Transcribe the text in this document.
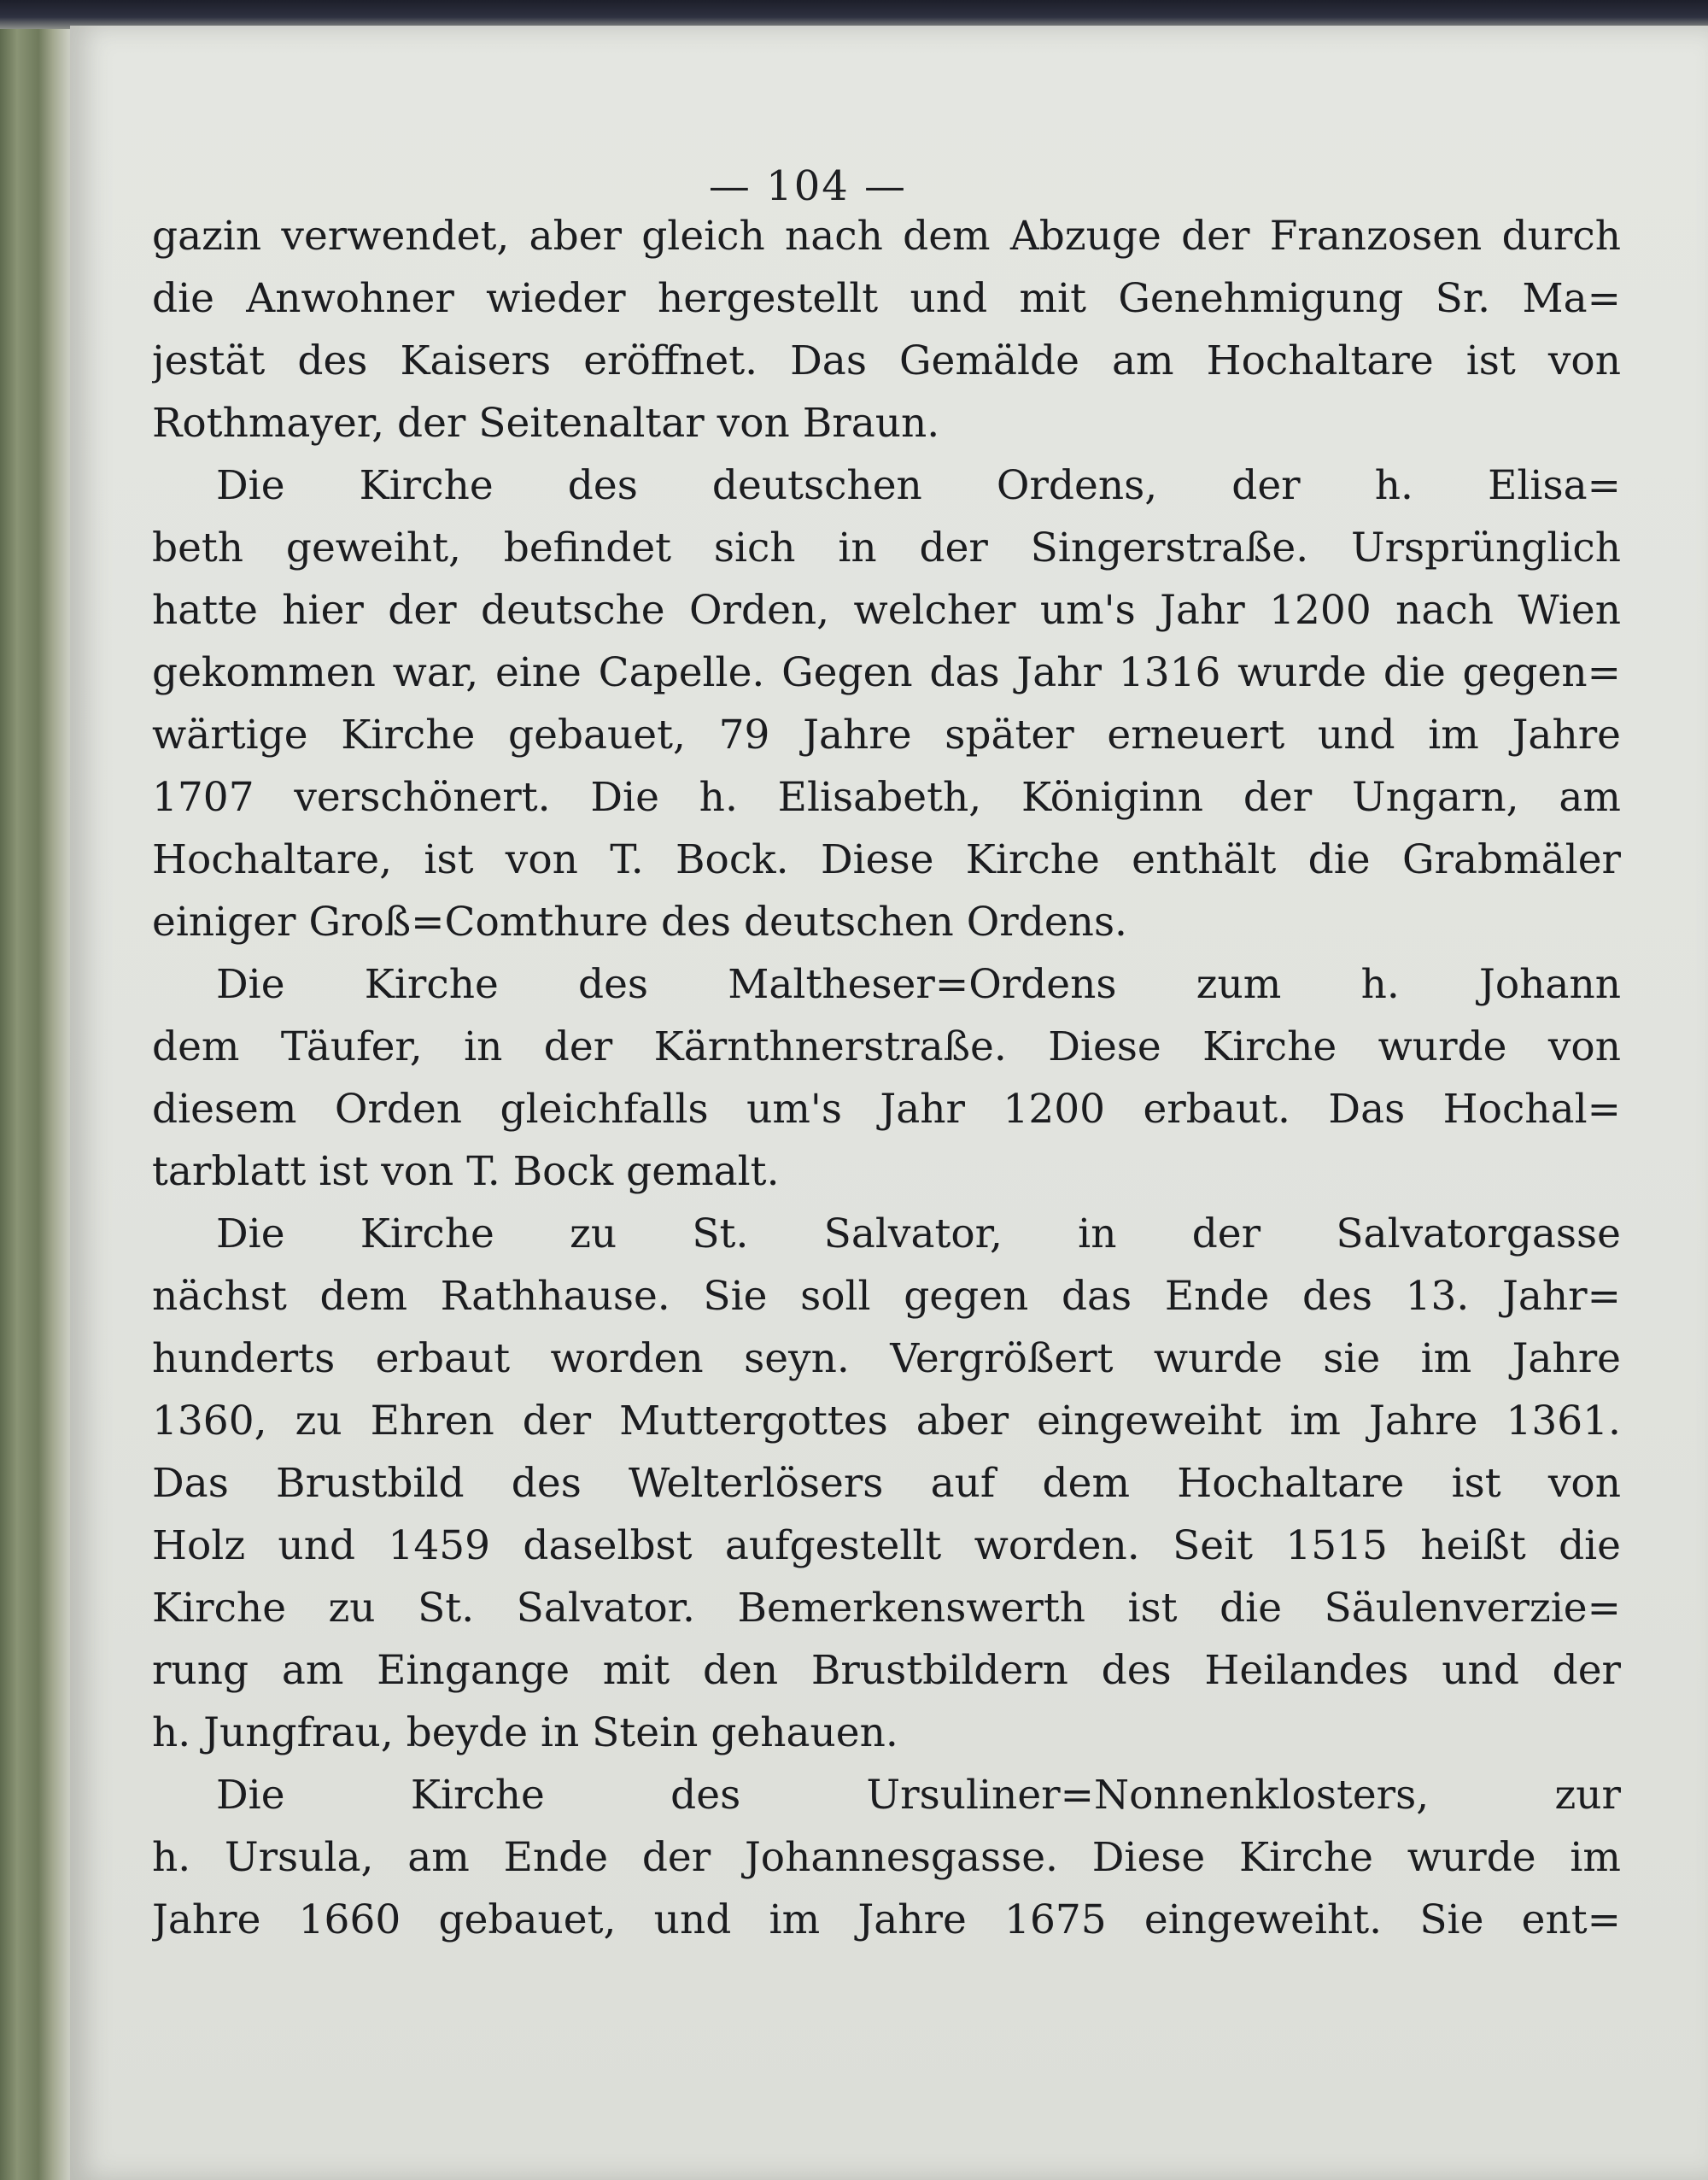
— 104 —
gazin verwendet, aber gleich nach dem Abzuge der Franzosen durch
die Anwohner wieder hergestellt und mit Genehmigung Sr. Ma=
jestät des Kaisers eröffnet. Das Gemälde am Hochaltare ist von
Rothmayer, der Seitenaltar von Braun.
Die Kirche des deutschen Ordens, der h. Elisa=
beth geweiht, befindet sich in der Singerstraße. Ursprünglich
hatte hier der deutsche Orden, welcher um's Jahr 1200 nach Wien
gekommen war, eine Capelle. Gegen das Jahr 1316 wurde die gegen=
wärtige Kirche gebauet, 79 Jahre später erneuert und im Jahre
1707 verschönert. Die h. Elisabeth, Königinn der Ungarn, am
Hochaltare, ist von T. Bock. Diese Kirche enthält die Grabmäler
einiger Groß=Comthure des deutschen Ordens.
Die Kirche des Maltheser=Ordens zum h. Johann
dem Täufer, in der Kärnthnerstraße. Diese Kirche wurde von
diesem Orden gleichfalls um's Jahr 1200 erbaut. Das Hochal=
tarblatt ist von T. Bock gemalt.
Die Kirche zu St. Salvator, in der Salvatorgasse
nächst dem Rathhause. Sie soll gegen das Ende des 13. Jahr=
hunderts erbaut worden seyn. Vergrößert wurde sie im Jahre
1360, zu Ehren der Muttergottes aber eingeweiht im Jahre 1361.
Das Brustbild des Welterlösers auf dem Hochaltare ist von
Holz und 1459 daselbst aufgestellt worden. Seit 1515 heißt die
Kirche zu St. Salvator. Bemerkenswerth ist die Säulenverzie=
rung am Eingange mit den Brustbildern des Heilandes und der
h. Jungfrau, beyde in Stein gehauen.
Die Kirche des Ursuliner=Nonnenklosters, zur
h. Ursula, am Ende der Johannesgasse. Diese Kirche wurde im
Jahre 1660 gebauet, und im Jahre 1675 eingeweiht. Sie ent=
